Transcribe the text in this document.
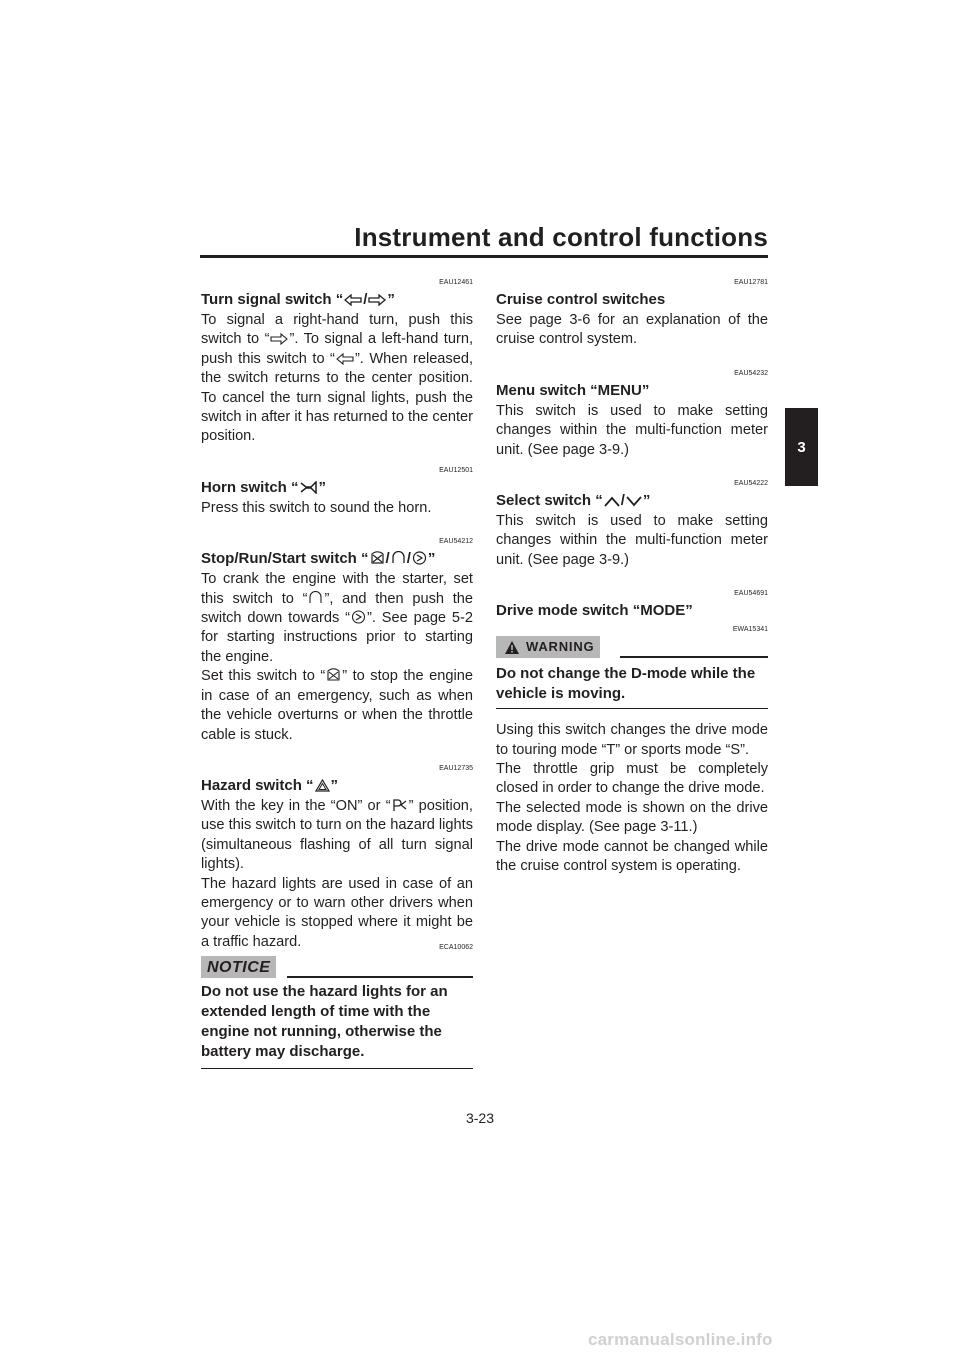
Instrument and control functions
3
EAU12461
Turn signal switch “ / ”
To signal a right-hand turn, push this switch to “ ”. To signal a left-hand turn, push this switch to “ ”. When released, the switch returns to the center position. To cancel the turn signal lights, push the switch in after it has returned to the center position.
EAU12501
Horn switch “ ”
Press this switch to sound the horn.
EAU54212
Stop/Run/Start switch “ / / ”
To crank the engine with the starter, set this switch to “ ”, and then push the switch down towards “ ”. See page 5-2 for starting instructions prior to starting the engine.
Set this switch to “ ” to stop the engine in case of an emergency, such as when the vehicle overturns or when the throttle cable is stuck.
EAU12735
Hazard switch “ ”
With the key in the “ON” or “ ” position, use this switch to turn on the hazard lights (simultaneous flashing of all turn signal lights).
The hazard lights are used in case of an emergency or to warn other drivers when your vehicle is stopped where it might be a traffic hazard.
NOTICE
ECA10062
Do not use the hazard lights for an extended length of time with the engine not running, otherwise the battery may discharge.
EAU12781
Cruise control switches
See page 3-6 for an explanation of the cruise control system.
EAU54232
Menu switch “MENU”
This switch is used to make setting changes within the multi-function meter unit. (See page 3-9.)
EAU54222
Select switch “ / ”
This switch is used to make setting changes within the multi-function meter unit. (See page 3-9.)
EAU54691
Drive mode switch “MODE”
EWA15341
WARNING
Do not change the D-mode while the vehicle is moving.
Using this switch changes the drive mode to touring mode “T” or sports mode “S”.
The throttle grip must be completely closed in order to change the drive mode.
The selected mode is shown on the drive mode display. (See page 3-11.)
The drive mode cannot be changed while the cruise control system is operating.
3-23
carmanualsonline.info
